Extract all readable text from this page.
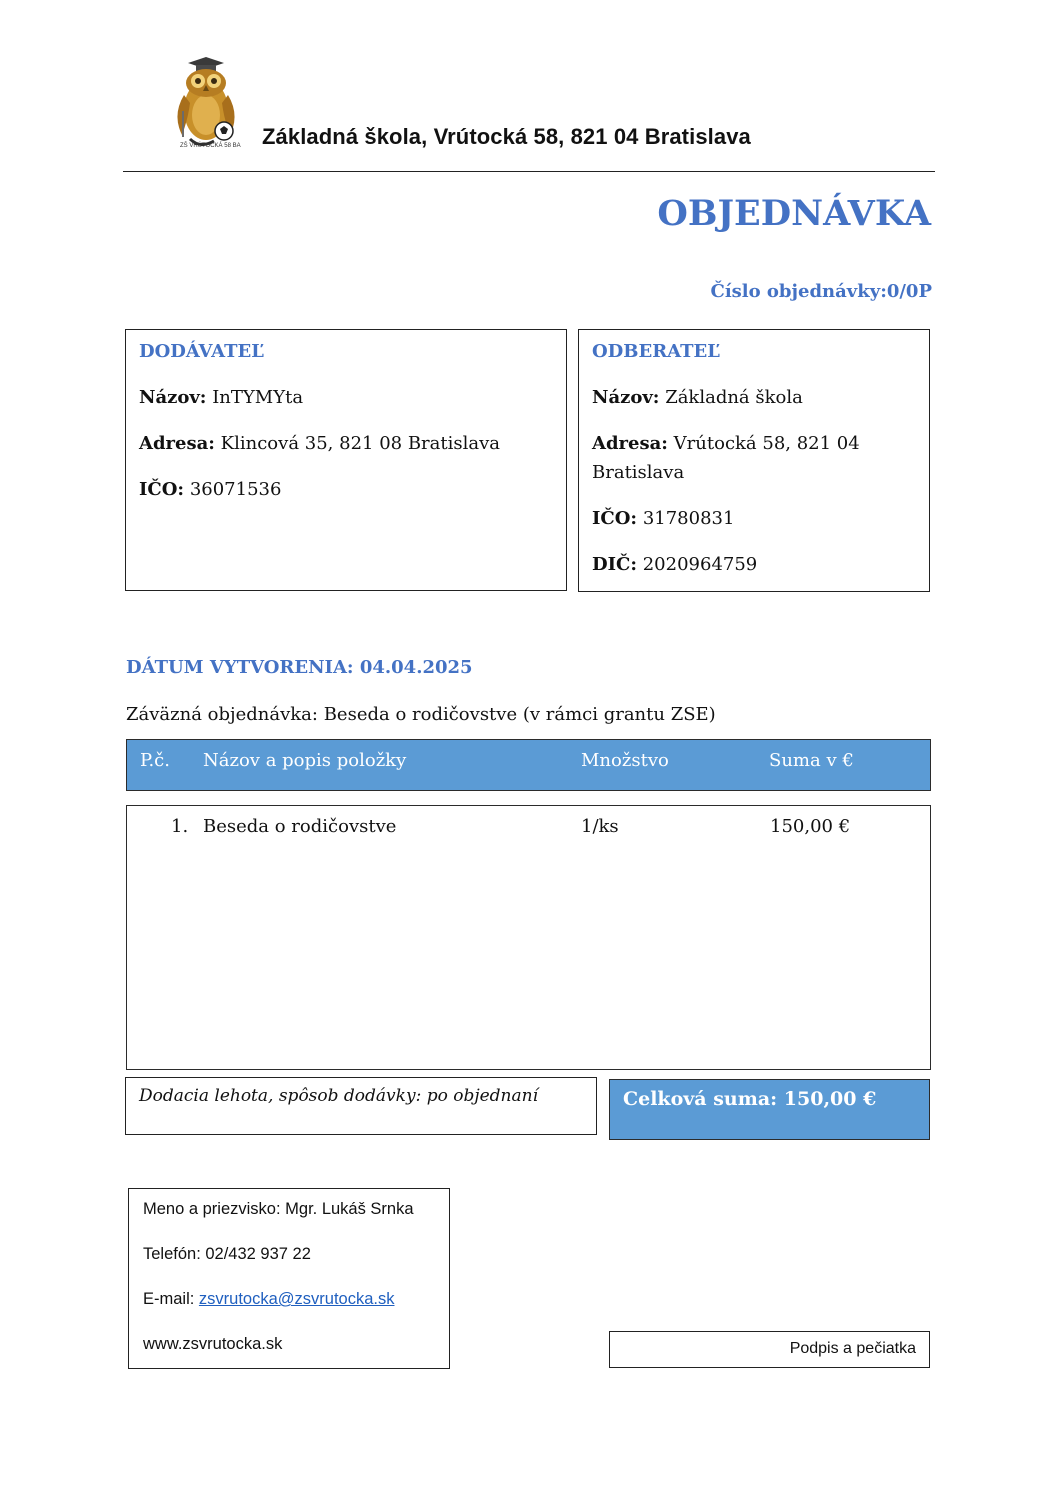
ZŠ VRÚTOCKÁ 58 BA Základná škola, Vrútocká 58, 821 04 Bratislava
OBJEDNÁVKA
Číslo objednávky:0/0P
DODÁVATEĽ
Názov: InTYMYta
Adresa: Klincová 35, 821 08 Bratislava
IČO: 36071536
ODBERATEĽ
Názov: Základná škola
Adresa: Vrútocká 58, 821 04 Bratislava
IČO: 31780831
DIČ: 2020964759
DÁTUM VYTVORENIA: 04.04.2025
Záväzná objednávka: Beseda o rodičovstve (v rámci grantu ZSE)
P.č. Názov a popis položky	Množstvo	Suma v €
1. Beseda o rodičovstve	1/ks	150,00 €
Dodacia lehota, spôsob dodávky: po objednaní	Celková suma: 150,00 €
Meno a priezvisko: Mgr. Lukáš Srnka
Telefón: 02/432 937 22
E-mail: zsvrutocka@zsvrutocka.sk
www.zsvrutocka.sk	Podpis a pečiatka
